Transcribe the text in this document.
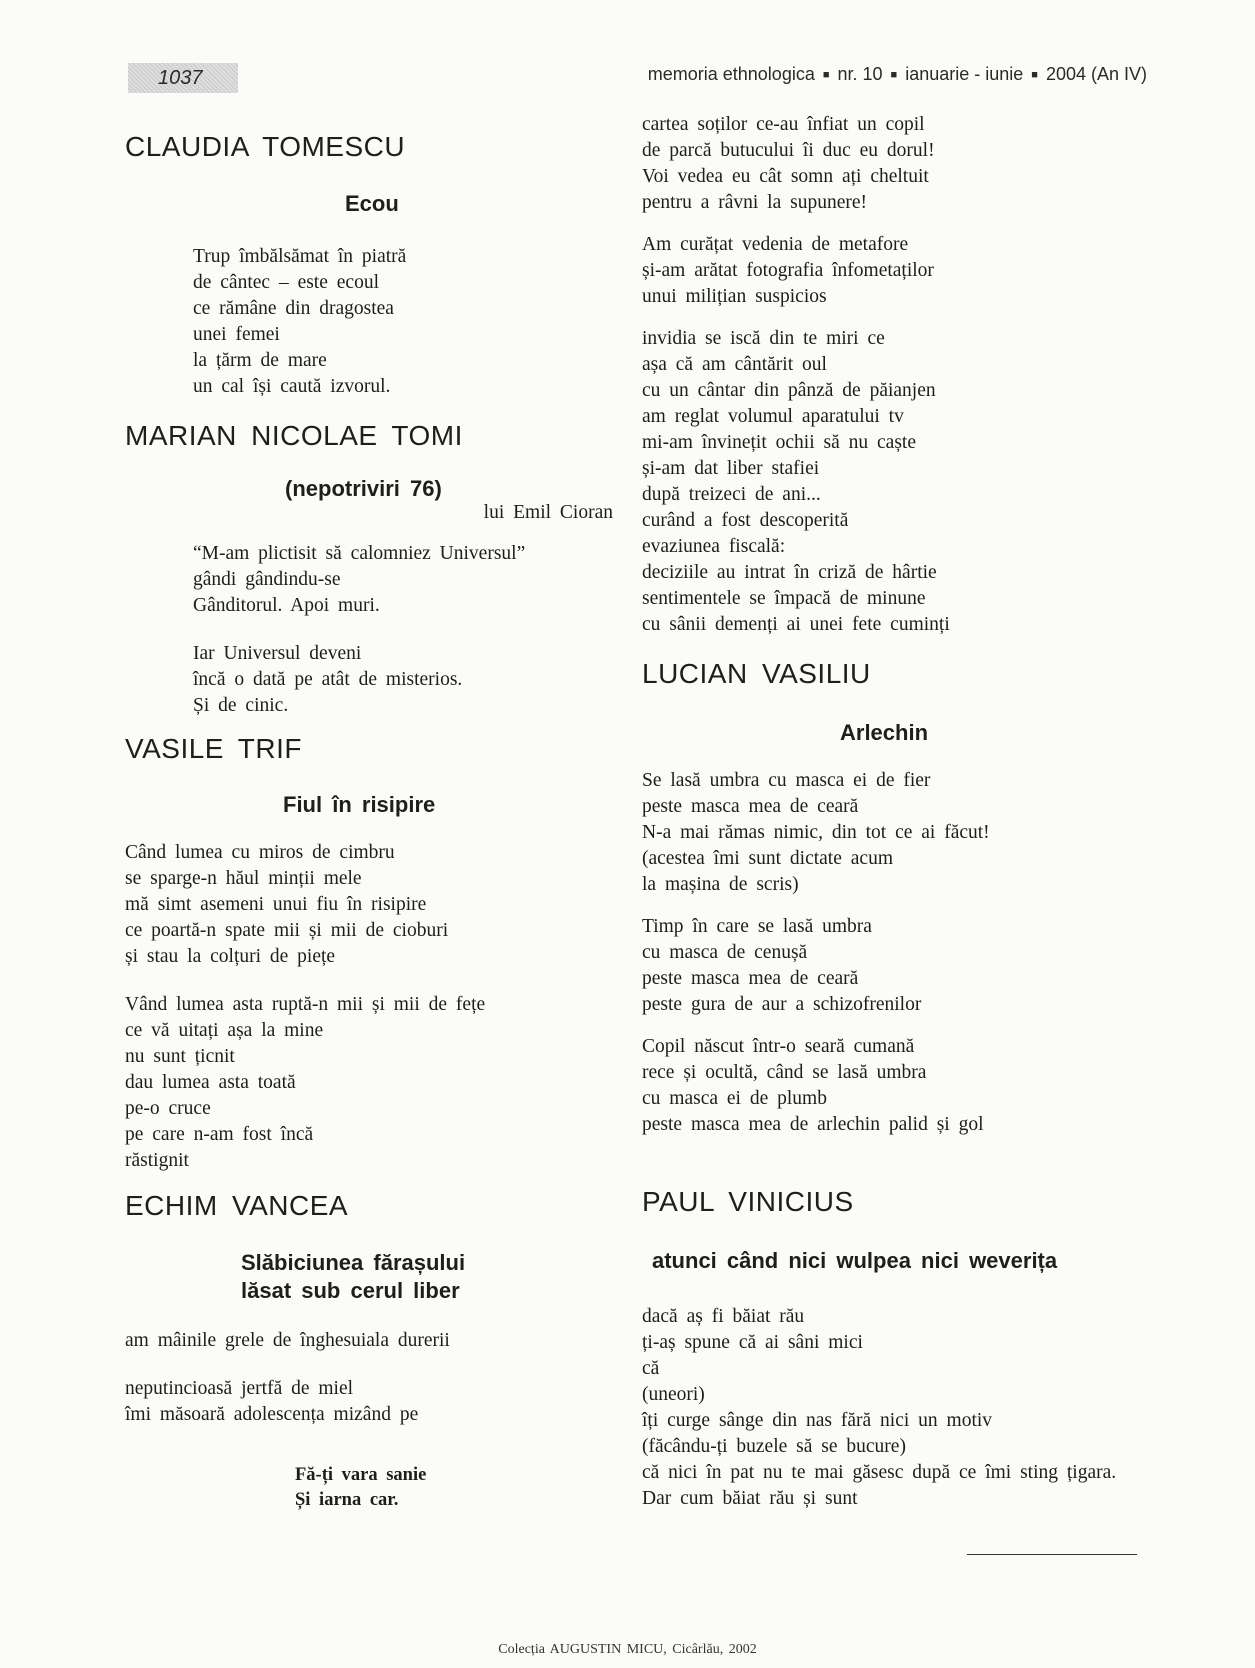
1037	memoria ethnologica ■ nr. 10 ■ ianuarie - iunie ■ 2004 (An IV)
CLAUDIA TOMESCU
Ecou
Trup îmbălsămat în piatră
de cântec – este ecoul
ce rămâne din dragostea
unei femei
la țărm de mare
un cal își caută izvorul.
MARIAN NICOLAE TOMI
(nepotriviri 76)

lui Emil Cioran

“M-am plictisit să calomniez Universul”
gândi gândindu-se
Gânditorul. Apoi muri.
Iar Universul deveni
încă o dată pe atât de misterios.
Și de cinic.
VASILE TRIF
Fiul în risipire
Când lumea cu miros de cimbru
se sparge-n hăul minții mele
mă simt asemeni unui fiu în risipire
ce poartă-n spate mii și mii de cioburi
și stau la colțuri de piețe
Vând lumea asta ruptă-n mii și mii de fețe
ce vă uitați așa la mine
nu sunt țicnit
dau lumea asta toată
pe-o cruce
pe care n-am fost încă
răstignit
ECHIM VANCEA
Slăbiciunea fărașului
lăsat sub cerul liber
am mâinile grele de înghesuiala durerii
neputincioasă jertfă de miel
îmi măsoară adolescența mizând pe
Fă-ți vara sanie
Și iarna car.
cartea soților ce-au înfiat un copil
de parcă butucului îi duc eu dorul!
Voi vedea eu cât somn ați cheltuit
pentru a râvni la supunere!
Am curățat vedenia de metafore
și-am arătat fotografia înfometaților
unui milițian suspicios
invidia se iscă din te miri ce
așa că am cântărit oul
cu un cântar din pânză de păianjen
am reglat volumul aparatului tv
mi-am învinețit ochii să nu caște
și-am dat liber stafiei
după treizeci de ani...
curând a fost descoperită
evaziunea fiscală:
deciziile au intrat în criză de hârtie
sentimentele se împacă de minune
cu sânii demenți ai unei fete cuminți
LUCIAN VASILIU
Arlechin
Se lasă umbra cu masca ei de fier
peste masca mea de ceară
N-a mai rămas nimic, din tot ce ai făcut!
(acestea îmi sunt dictate acum
la mașina de scris)
Timp în care se lasă umbra
cu masca de cenușă
peste masca mea de ceară
peste gura de aur a schizofrenilor
Copil născut într-o seară cumană
rece și ocultă, când se lasă umbra
cu masca ei de plumb
peste masca mea de arlechin palid și gol
PAUL VINICIUS
atunci când nici wulpea nici weverița
dacă aș fi băiat rău
ți-aș spune că ai sâni mici
că
(uneori)
îți curge sânge din nas fără nici un motiv
(făcându-ți buzele să se bucure)
că nici în pat nu te mai găsesc după ce îmi sting țigara.
Dar cum băiat rău și sunt
Colecția AUGUSTIN MICU, Cicârlău, 2002
